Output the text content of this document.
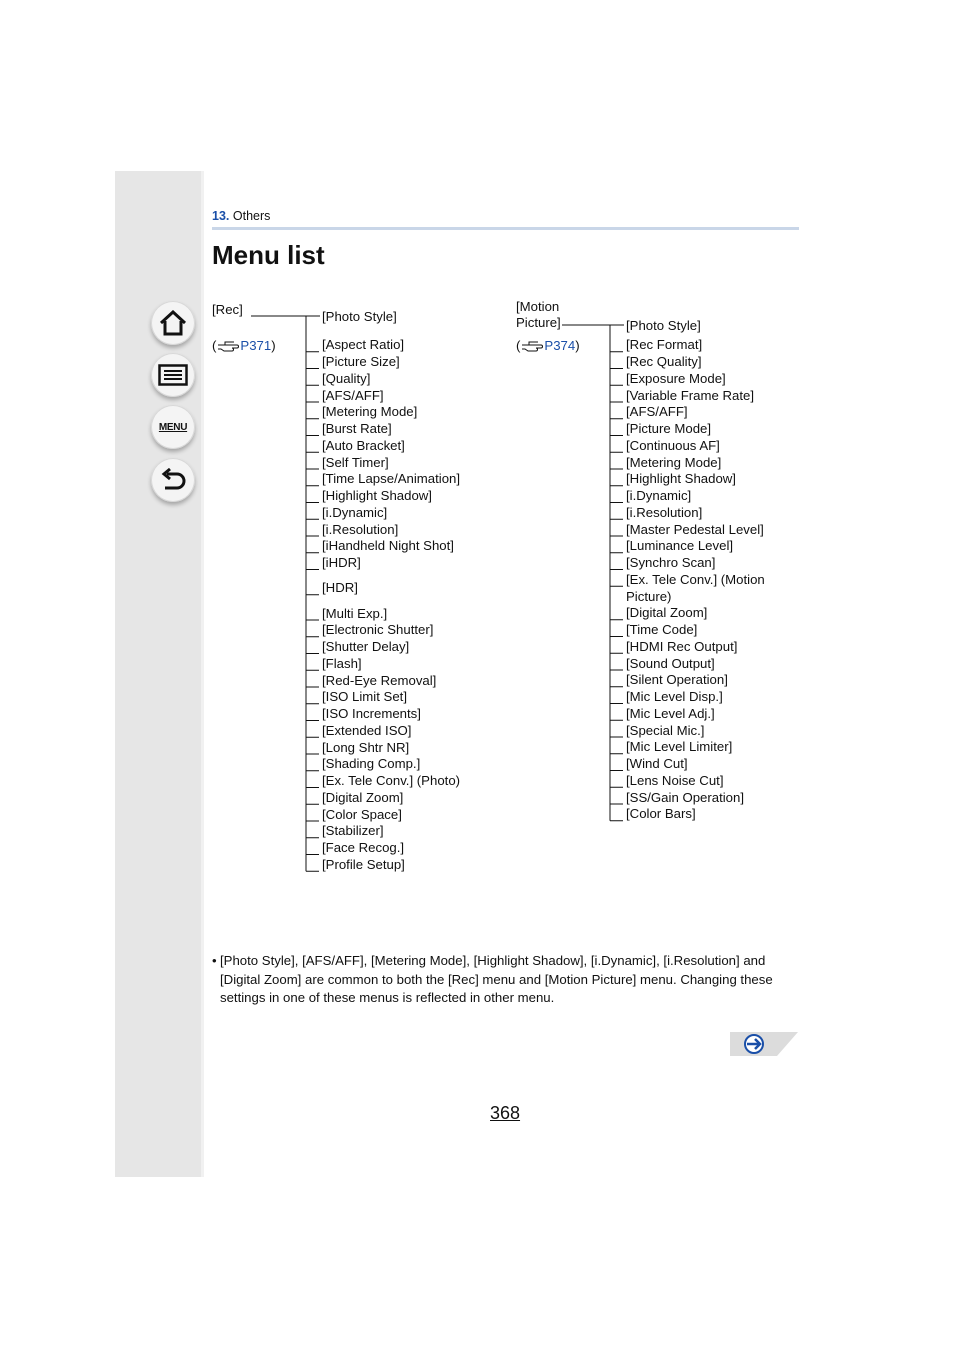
MENU
13. Others
Menu list
[Rec]
( P371)
[Motion
Picture]
( P374)
[Photo Style]
[Aspect Ratio]
[Picture Size]
[Quality]
[AFS/AFF]
[Metering Mode]
[Burst Rate]
[Auto Bracket]
[Self Timer]
[Time Lapse/Animation]
[Highlight Shadow]
[i.Dynamic]
[i.Resolution]
[iHandheld Night Shot]
[iHDR]
[HDR]
[Multi Exp.]
[Electronic Shutter]
[Shutter Delay]
[Flash]
[Red-Eye Removal]
[ISO Limit Set]
[ISO Increments]
[Extended ISO]
[Long Shtr NR]
[Shading Comp.]
[Ex. Tele Conv.] (Photo)
[Digital Zoom]
[Color Space]
[Stabilizer]
[Face Recog.]
[Profile Setup]
[Photo Style]
[Rec Format]
[Rec Quality]
[Exposure Mode]
[Variable Frame Rate]
[AFS/AFF]
[Picture Mode]
[Continuous AF]
[Metering Mode]
[Highlight Shadow]
[i.Dynamic]
[i.Resolution]
[Master Pedestal Level]
[Luminance Level]
[Synchro Scan]
[Ex. Tele Conv.] (Motion
Picture)
[Digital Zoom]
[Time Code]
[HDMI Rec Output]
[Sound Output]
[Silent Operation]
[Mic Level Disp.]
[Mic Level Adj.]
[Special Mic.]
[Mic Level Limiter]
[Wind Cut]
[Lens Noise Cut]
[SS/Gain Operation]
[Color Bars]
• [Photo Style], [AFS/AFF], [Metering Mode], [Highlight Shadow], [i.Dynamic], [i.Resolution] and [Digital Zoom] are common to both the [Rec] menu and [Motion Picture] menu. Changing these settings in one of these menus is reflected in other menu.
368
